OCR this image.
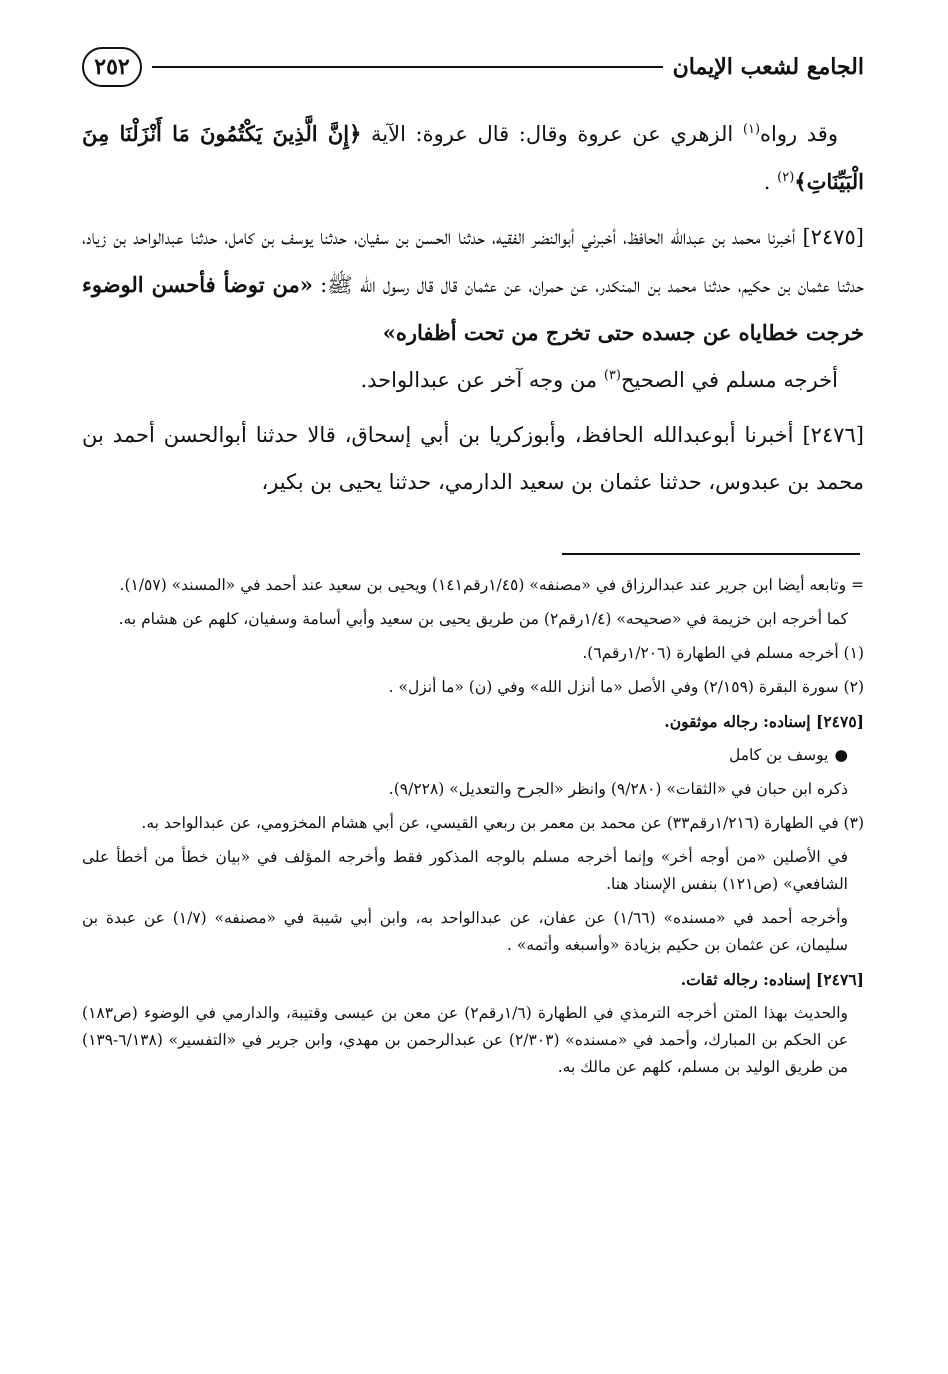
الجامع لشعب الإيمان
٢٥٢

وقد رواه$^{(١)}$ الزهري عن عروة وقال: قال عروة: الآية ﴿إِنَّ الَّذِينَ يَكْتُمُونَ مَا أَنْزَلْنَا مِنَ الْبَيِّنَاتِ﴾$^{(٢)}$ .

[٢٤٧٥] أخبرنا محمد بن عبدالله الحافظ، أخبرني أبوالنضر الفقيه، حدثنا الحسن بن سفيان، حدثنا يوسف بن كامل، حدثنا عبدالواحد بن زياد، حدثنا عثمان بن حكيم، حدثنا محمد بن المنكدر، عن حمران، عن عثمان قال قال رسول الله ﷺ: «من توضأ فأحسن الوضوء خرجت خطاياه عن جسده حتى تخرج من تحت أظفاره»

أخرجه مسلم في الصحيح$^{(٣)}$ من وجه آخر عن عبدالواحد.

[٢٤٧٦] أخبرنا أبوعبدالله الحافظ، وأبوزكريا بن أبي إسحاق، قالا حدثنا أبوالحسن أحمد بن محمد بن عبدوس، حدثنا عثمان بن سعيد الدارمي، حدثنا يحيى بن بكير،

= وتابعه أيضا ابن جرير عند عبدالرزاق في «مصنفه» (١/٤٥رقم١٤١) ويحيى بن سعيد عند أحمد في «المسند» (١/٥٧).

كما أخرجه ابن خزيمة في «صحيحه» (١/٤رقم٢) من طريق يحيى بن سعيد وأبي أسامة وسفيان، كلهم عن هشام به.

(١) أخرجه مسلم في الطهارة (١/٢٠٦رقم٦).

(٢) سورة البقرة (٢/١٥٩) وفي الأصل «ما أنزل الله» وفي (ن) «ما أنزل» .

[٢٤٧٥] إسناده: رجاله موثقون.

●يوسف بن كامل

ذكره ابن حبان في «الثقات» (٩/٢٨٠) وانظر «الجرح والتعديل» (٩/٢٢٨).

(٣) في الطهارة (١/٢١٦رقم٣٣) عن محمد بن معمر بن ربعي القيسي، عن أبي هشام المخزومي، عن عبدالواحد به.

في الأصلين «من أوجه أخر» وإنما أخرجه مسلم بالوجه المذكور فقط وأخرجه المؤلف في «بيان خطأ من أخطأ على الشافعي» (ص١٢١) بنفس الإسناد هنا.

وأخرجه أحمد في «مسنده» (١/٦٦) عن عفان، عن عبدالواحد به، وابن أبي شيبة في «مصنفه» (١/٧) عن عبدة بن سليمان، عن عثمان بن حكيم بزيادة «وأسبغه وأتمه» .

[٢٤٧٦] إسناده: رجاله ثقات.

والحديث بهذا المتن أخرجه الترمذي في الطهارة (١/٦رقم٢) عن معن بن عيسى وقتيبة، والدارمي في الوضوء (ص١٨٣) عن الحكم بن المبارك، وأحمد في «مسنده» (٢/٣٠٣) عن عبدالرحمن بن مهدي، وابن جرير في «التفسير» (٦/١٣٨-١٣٩) من طريق الوليد بن مسلم، كلهم عن مالك به.
